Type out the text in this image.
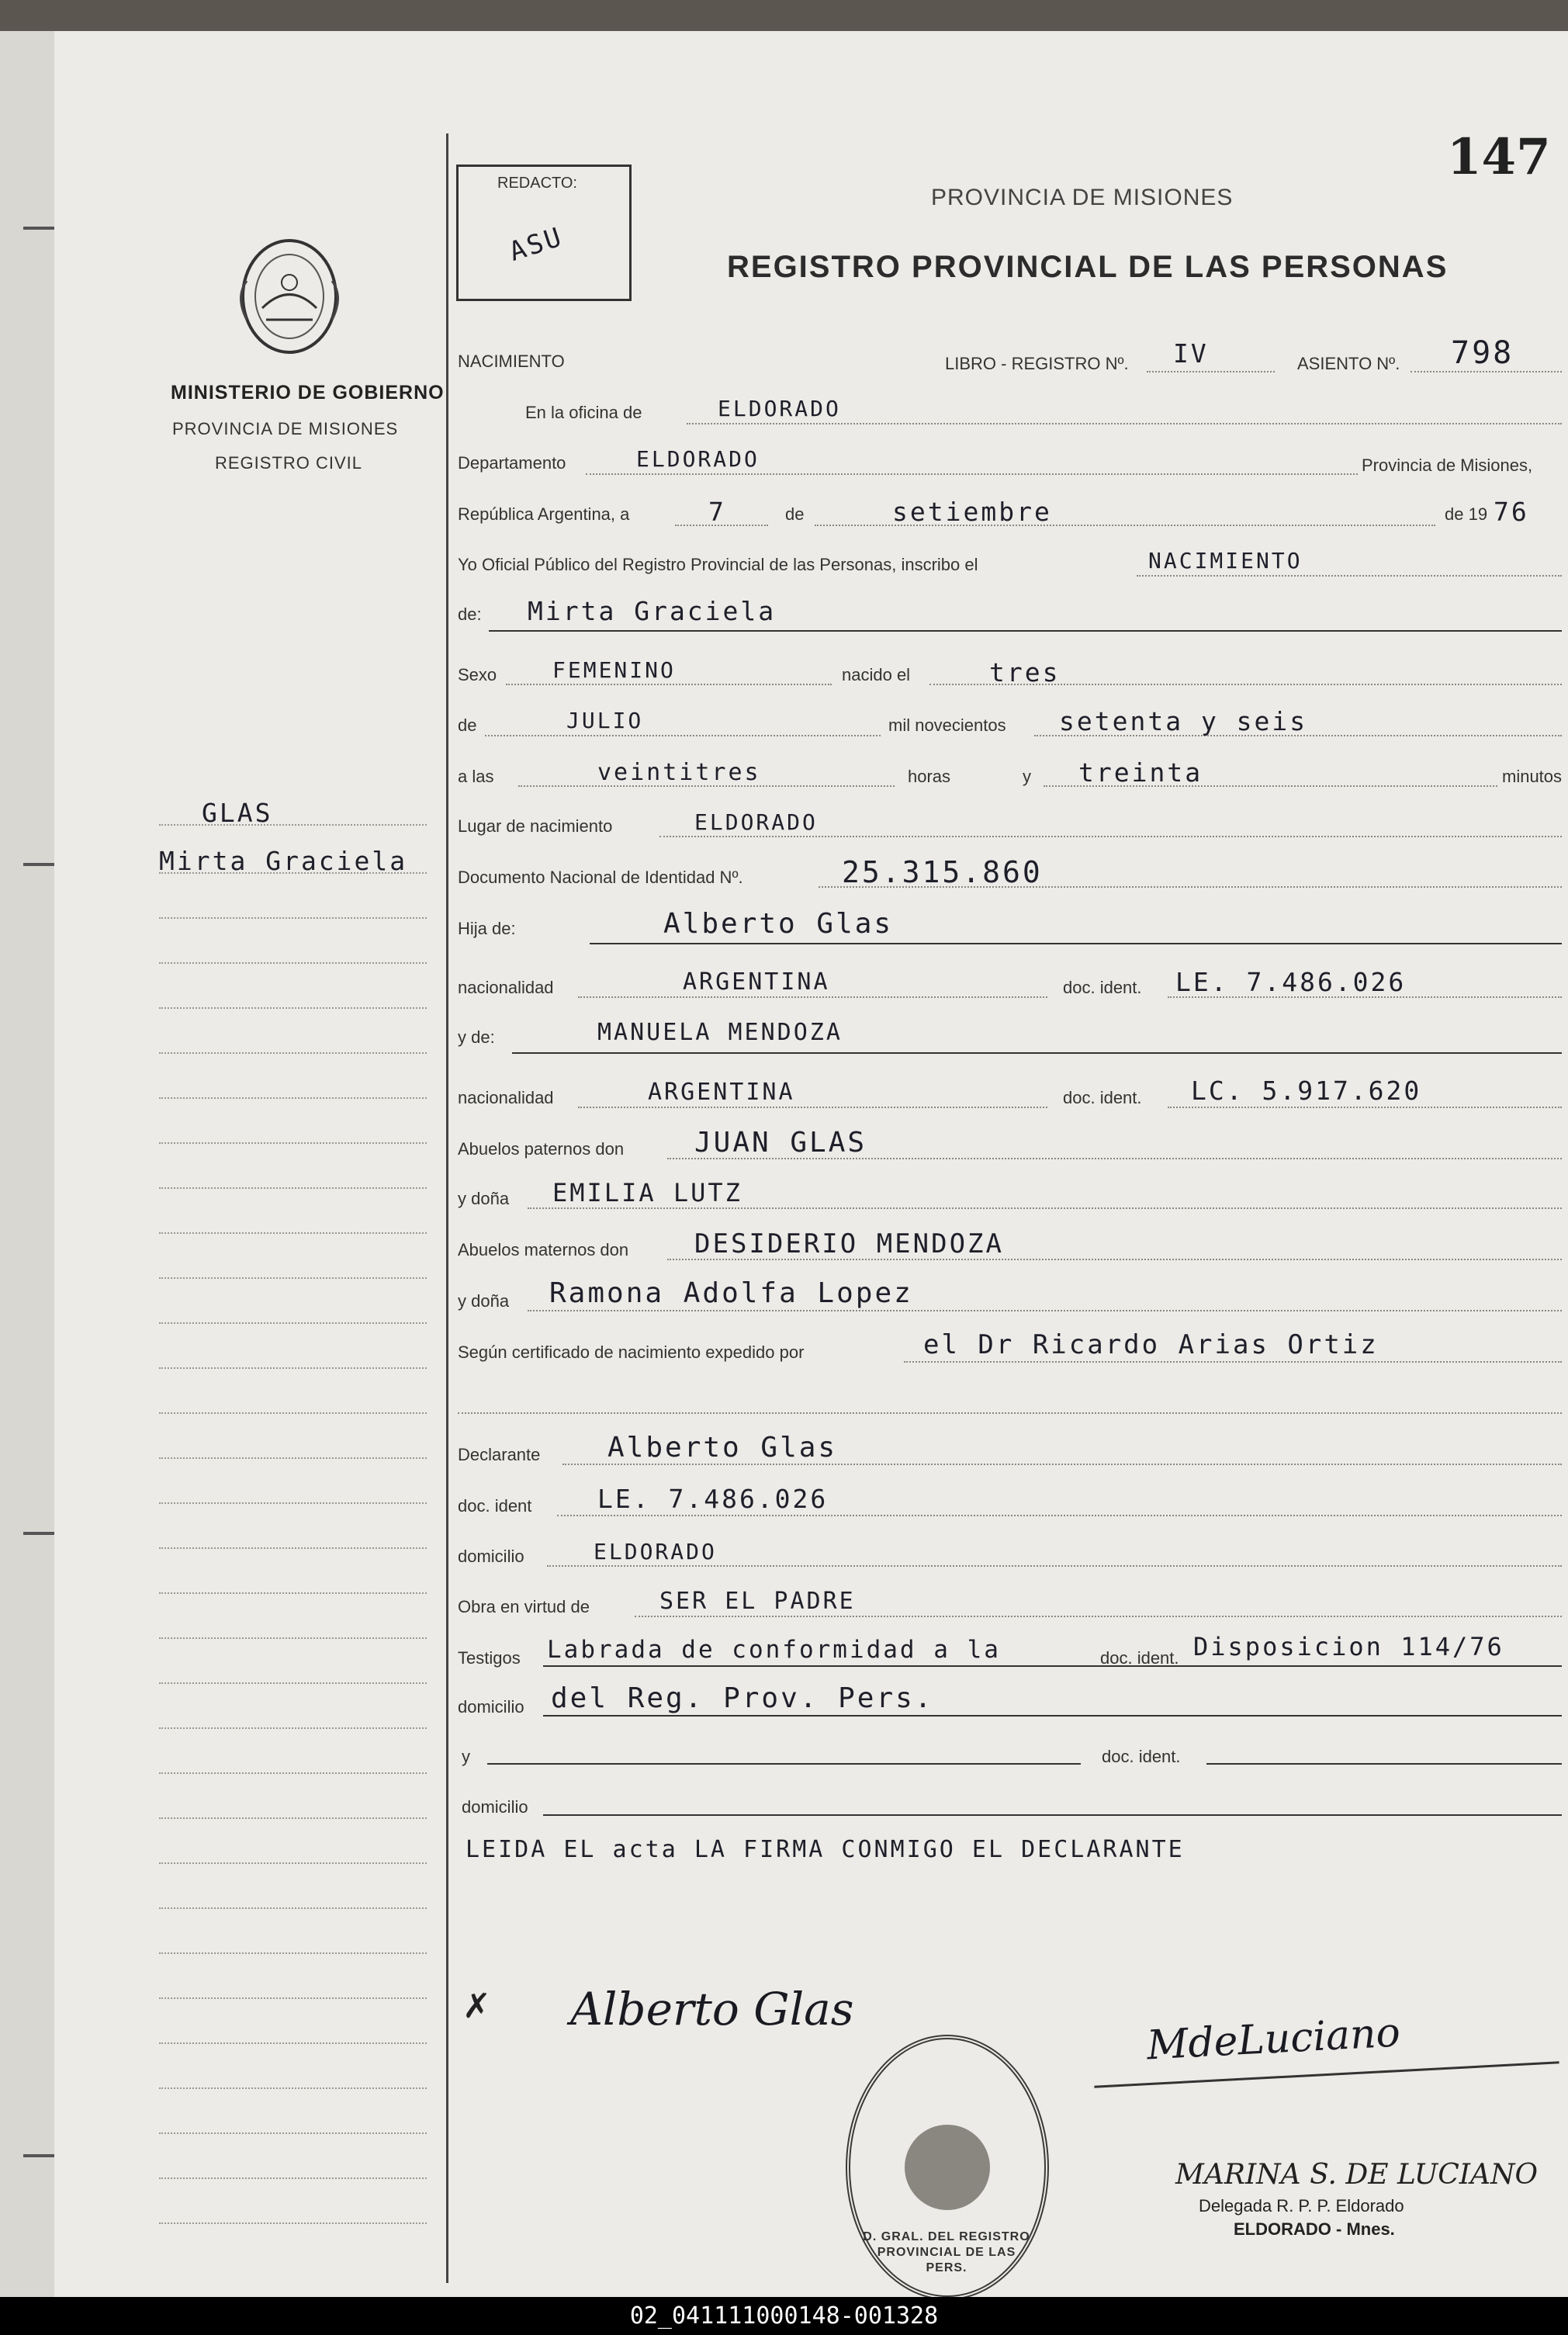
147
REDACTO:
ASU
PROVINCIA DE MISIONES
REGISTRO PROVINCIAL DE LAS PERSONAS
MINISTERIO DE GOBIERNO
PROVINCIA DE MISIONES
REGISTRO CIVIL
GLAS
Mirta Graciela
NACIMIENTO	LIBRO - REGISTRO Nº. IV	ASIENTO Nº. 798
En la oficina de	ELDORADO
Departamento	ELDORADO	Provincia de Misiones,
República Argentina, a	7	de	setiembre	de 19 76
Yo Oficial Público del Registro Provincial de las Personas, inscribo el	NACIMIENTO
de: Mirta Graciela
Sexo	FEMENINO	nacido el	tres
de	JULIO	mil novecientos setenta y seis
a las	veintitres	horas	y treinta	minutos
Lugar de nacimiento	ELDORADO
Documento Nacional de Identidad Nº.	25.315.860
Hija de:	Alberto Glas
nacionalidad	ARGENTINA	doc. ident. LE. 7.486.026
y de:	MANUELA MENDOZA
nacionalidad	ARGENTINA	doc. ident. LC. 5.917.620
Abuelos paternos don	JUAN GLAS
y doña EMILIA LUTZ
Abuelos maternos don DESIDERIO MENDOZA
y doña Ramona Adolfa Lopez
Según certificado de nacimiento expedido por	el Dr Ricardo Arias Ortiz
Declarante Alberto Glas
doc. ident	LE. 7.486.026
domicilio	ELDORADO
Obra en virtud de	SER EL PADRE
Testigos Labrada de conformidad a la	doc. ident. Disposicion 114/76
domicilio del Reg. Prov. Pers.
y	doc. ident.
domicilio
LEIDA EL acta LA FIRMA CONMIGO EL DECLARANTE
✗ Alberto Glas
MdeLuciano
D. GRAL. DEL REGISTRO PROVINCIAL DE LAS PERS.
MARINA S. DE LUCIANO
Delegada R. P. P. Eldorado
ELDORADO - Mnes.
02_041111000148-001328
